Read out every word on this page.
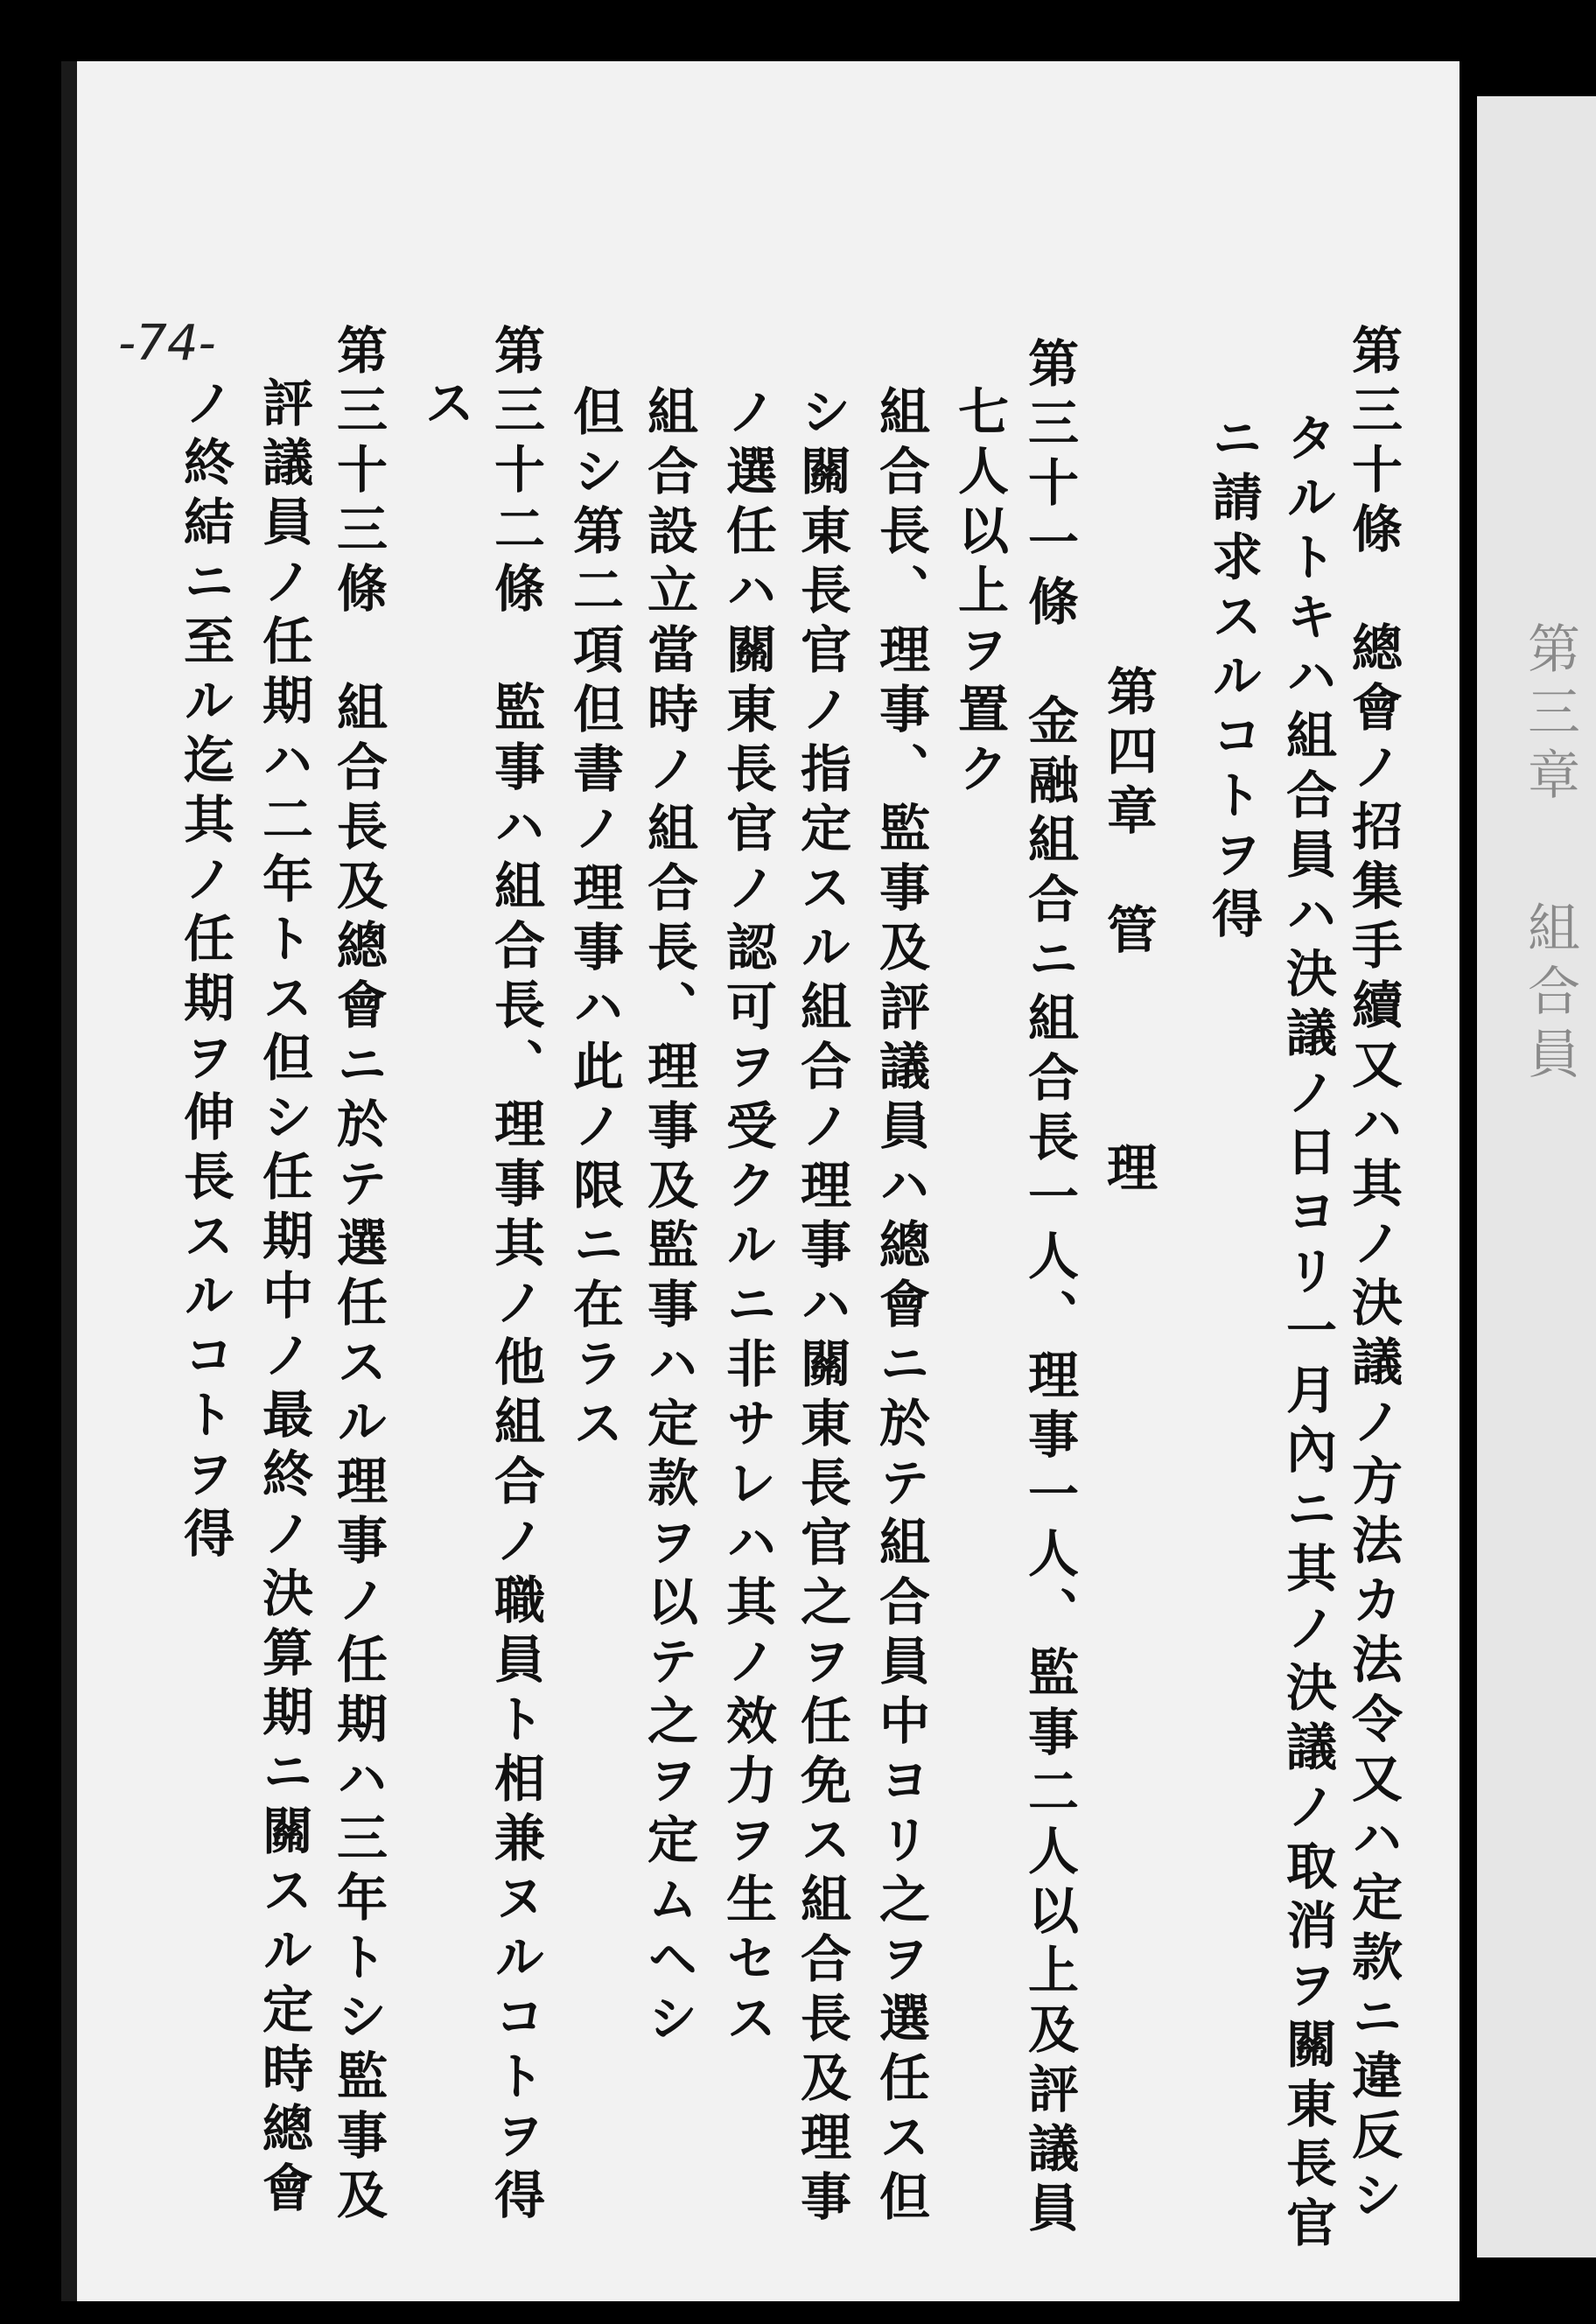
第三章　 組合員
-74-	第三十條　總會ノ招集手續又ハ其ノ決議ノ方法カ法令又ハ定款ニ違反シ
タルトキハ組合員ハ決議ノ日ヨリ一月內ニ其ノ決議ノ取消ヲ關東長官
ニ請求スルコトヲ得
第四章　管　　　理
第三十一條　金融組合ニ組合長一人、理事一人、監事二人以上及評議員
七人以上ヲ置ク
組合長、理事、監事及評議員ハ總會ニ於テ組合員中ヨリ之ヲ選任ス但
シ關東長官ノ指定スル組合ノ理事ハ關東長官之ヲ任免ス組合長及理事
ノ選任ハ關東長官ノ認可ヲ受クルニ非サレハ其ノ效力ヲ生セス
組合設立當時ノ組合長、理事及監事ハ定款ヲ以テ之ヲ定ムヘシ
但シ第二項但書ノ理事ハ此ノ限ニ在ラス
第三十二條　監事ハ組合長、理事其ノ他組合ノ職員ト相兼ヌルコトヲ得
ス
第三十三條　組合長及總會ニ於テ選任スル理事ノ任期ハ三年トシ監事及
評議員ノ任期ハ二年トス但シ任期中ノ最終ノ決算期ニ關スル定時總會
ノ終結ニ至ル迄其ノ任期ヲ伸長スルコトヲ得
